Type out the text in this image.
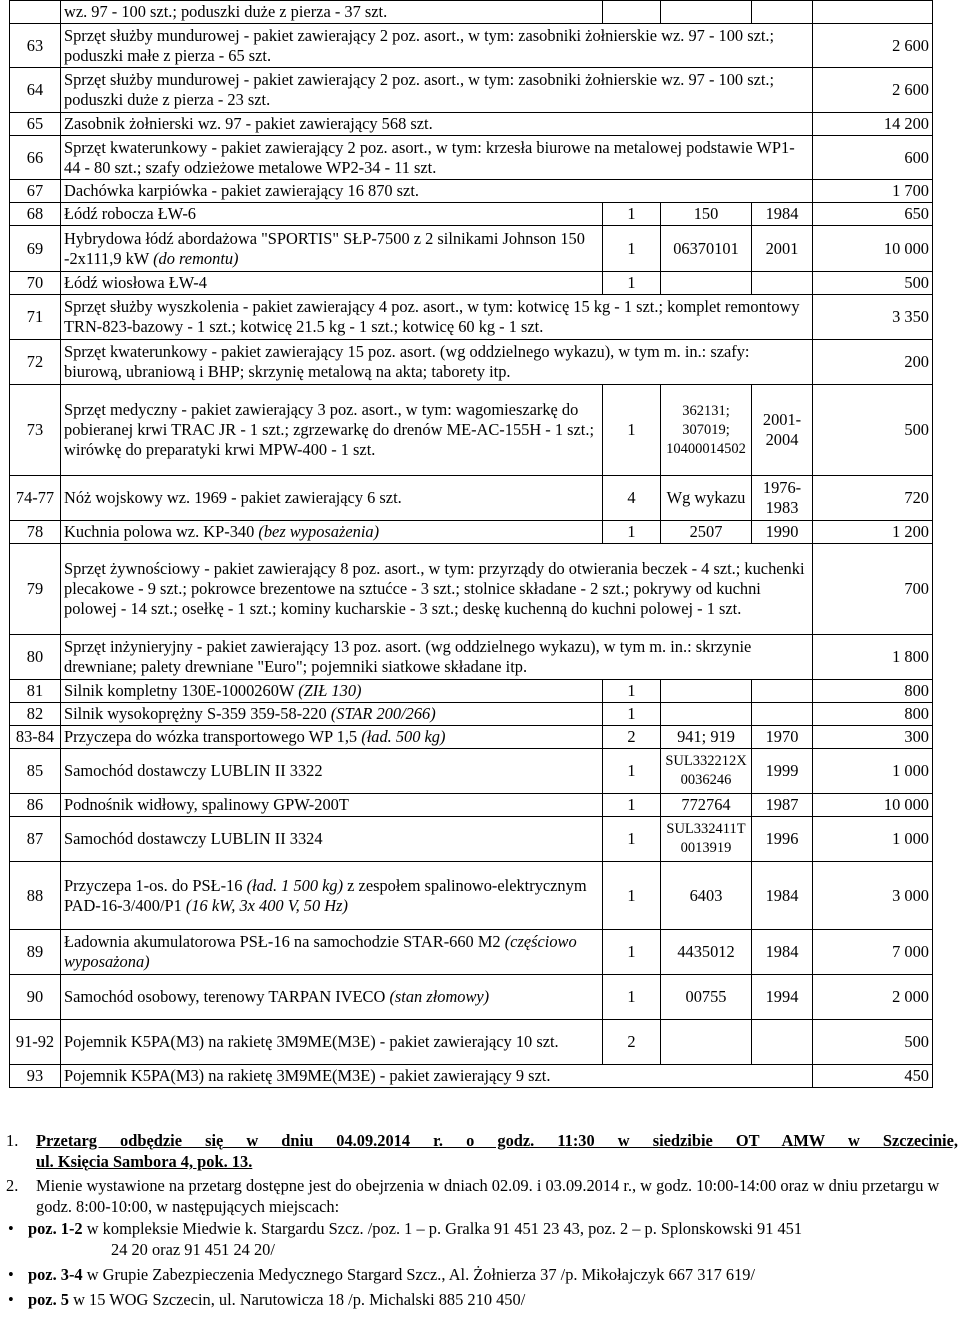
	wz. 97 - 100 szt.; poduszki duże z pierza - 37 szt.				
63	Sprzęt służby mundurowej - pakiet zawierający 2 poz. asort., w tym: zasobniki żołnierskie wz. 97 - 100 szt.; poduszki małe z pierza - 65 szt.				2 600
64	Sprzęt służby mundurowej - pakiet zawierający 2 poz. asort., w tym: zasobniki żołnierskie wz. 97 - 100 szt.; poduszki duże z pierza - 23 szt.				2 600
65	Zasobnik żołnierski wz. 97 - pakiet zawierający 568 szt.				14 200
66	Sprzęt kwaterunkowy - pakiet zawierający 2 poz. asort., w tym: krzesła biurowe na metalowej podstawie WP1-44 - 80 szt.; szafy odzieżowe metalowe WP2-34 - 11 szt.				600
67	Dachówka karpiówka - pakiet zawierający 16 870 szt.				1 700
68	Łódź robocza ŁW-6	1	150	1984	650
69	Hybrydowa łódź abordażowa "SPORTIS" SŁP-7500 z 2 silnikami Johnson 150 -2x111,9 kW (do remontu)	1	06370101	2001	10 000
70	Łódź wiosłowa ŁW-4	1			500
71	Sprzęt służby wyszkolenia - pakiet zawierający 4 poz. asort., w tym: kotwicę 15 kg - 1 szt.; komplet remontowy TRN-823-bazowy - 1 szt.; kotwicę 21.5 kg - 1 szt.; kotwicę 60 kg - 1 szt.				3 350
72	Sprzęt kwaterunkowy - pakiet zawierający 15 poz. asort. (wg oddzielnego wykazu), w tym m. in.: szafy: biurową, ubraniową i BHP; skrzynię metalową na akta; taborety itp.				200
73	Sprzęt medyczny - pakiet zawierający 3 poz. asort., w tym: wagomieszarkę do pobieranej krwi TRAC JR - 1 szt.; zgrzewarkę do drenów ME-AC-155H - 1 szt.; wirówkę do preparatyki krwi MPW-400 - 1 szt.	1	362131; 307019; 10400014502	2001-2004	500
74-77	Nóż wojskowy wz. 1969 - pakiet zawierający 6 szt.	4	Wg wykazu	1976-1983	720
78	Kuchnia polowa wz. KP-340 (bez wyposażenia)	1	2507	1990	1 200
79	Sprzęt żywnościowy - pakiet zawierający 8 poz. asort., w tym: przyrządy do otwierania beczek - 4 szt.; kuchenki plecakowe - 9 szt.; pokrowce brezentowe na sztućce - 3 szt.; stolnice składane - 2 szt.; pokrywy od kuchni polowej - 14 szt.; osełkę - 1 szt.; kominy kucharskie - 3 szt.; deskę kuchenną do kuchni polowej - 1 szt.				700
80	Sprzęt inżynieryjny - pakiet zawierający 13 poz. asort. (wg oddzielnego wykazu), w tym m. in.: skrzynie drewniane; palety drewniane "Euro"; pojemniki siatkowe składane itp.				1 800
81	Silnik kompletny 130E-1000260W (ZIŁ 130)	1			800
82	Silnik wysokoprężny S-359 359-58-220 (STAR 200/266)	1			800
83-84	Przyczepa do wózka transportowego WP 1,5 (ład. 500 kg)	2	941; 919	1970	300
85	Samochód dostawczy LUBLIN II 3322	1	SUL332212X 0036246	1999	1 000
86	Podnośnik widłowy, spalinowy GPW-200T	1	772764	1987	10 000
87	Samochód dostawczy LUBLIN II 3324	1	SUL332411T 0013919	1996	1 000
88	Przyczepa 1-os. do PSŁ-16 (ład. 1 500 kg) z zespołem spalinowo-elektrycznym PAD-16-3/400/P1 (16 kW, 3x 400 V, 50 Hz)	1	6403	1984	3 000
89	Ładownia akumulatorowa PSŁ-16 na samochodzie STAR-660 M2 (częściowo wyposażona)	1	4435012	1984	7 000
90	Samochód osobowy, terenowy TARPAN IVECO (stan złomowy)	1	00755	1994	2 000
91-92	Pojemnik K5PA(M3) na rakietę 3M9ME(M3E) - pakiet zawierający 10 szt.	2			500
93	Pojemnik K5PA(M3) na rakietę 3M9ME(M3E) - pakiet zawierający 9 szt.				450

1. Przetarg odbędzie się w dniu 04.09.2014 r. o godz. 11:30 w siedzibie OT AMW w Szczecinie,
ul. Księcia Sambora 4, pok. 13.

2. Mienie wystawione na przetarg dostępne jest do obejrzenia w dniach 02.09. i 03.09.2014 r., w godz. 10:00-14:00 oraz w dniu przetargu w godz. 8:00-10:00, w następujących miejscach:

• poz. 1-2 w kompleksie Miedwie k. Stargardu Szcz. /poz. 1 – p. Gralka 91 451 23 43, poz. 2 – p. Splonskowski 91 451
24 20 oraz 91 451 24 20/

• poz. 3-4 w Grupie Zabezpieczenia Medycznego Stargard Szcz., Al. Żołnierza 37 /p. Mikołajczyk 667 317 619/

• poz. 5 w 15 WOG Szczecin, ul. Narutowicza 18 /p. Michalski 885 210 450/
